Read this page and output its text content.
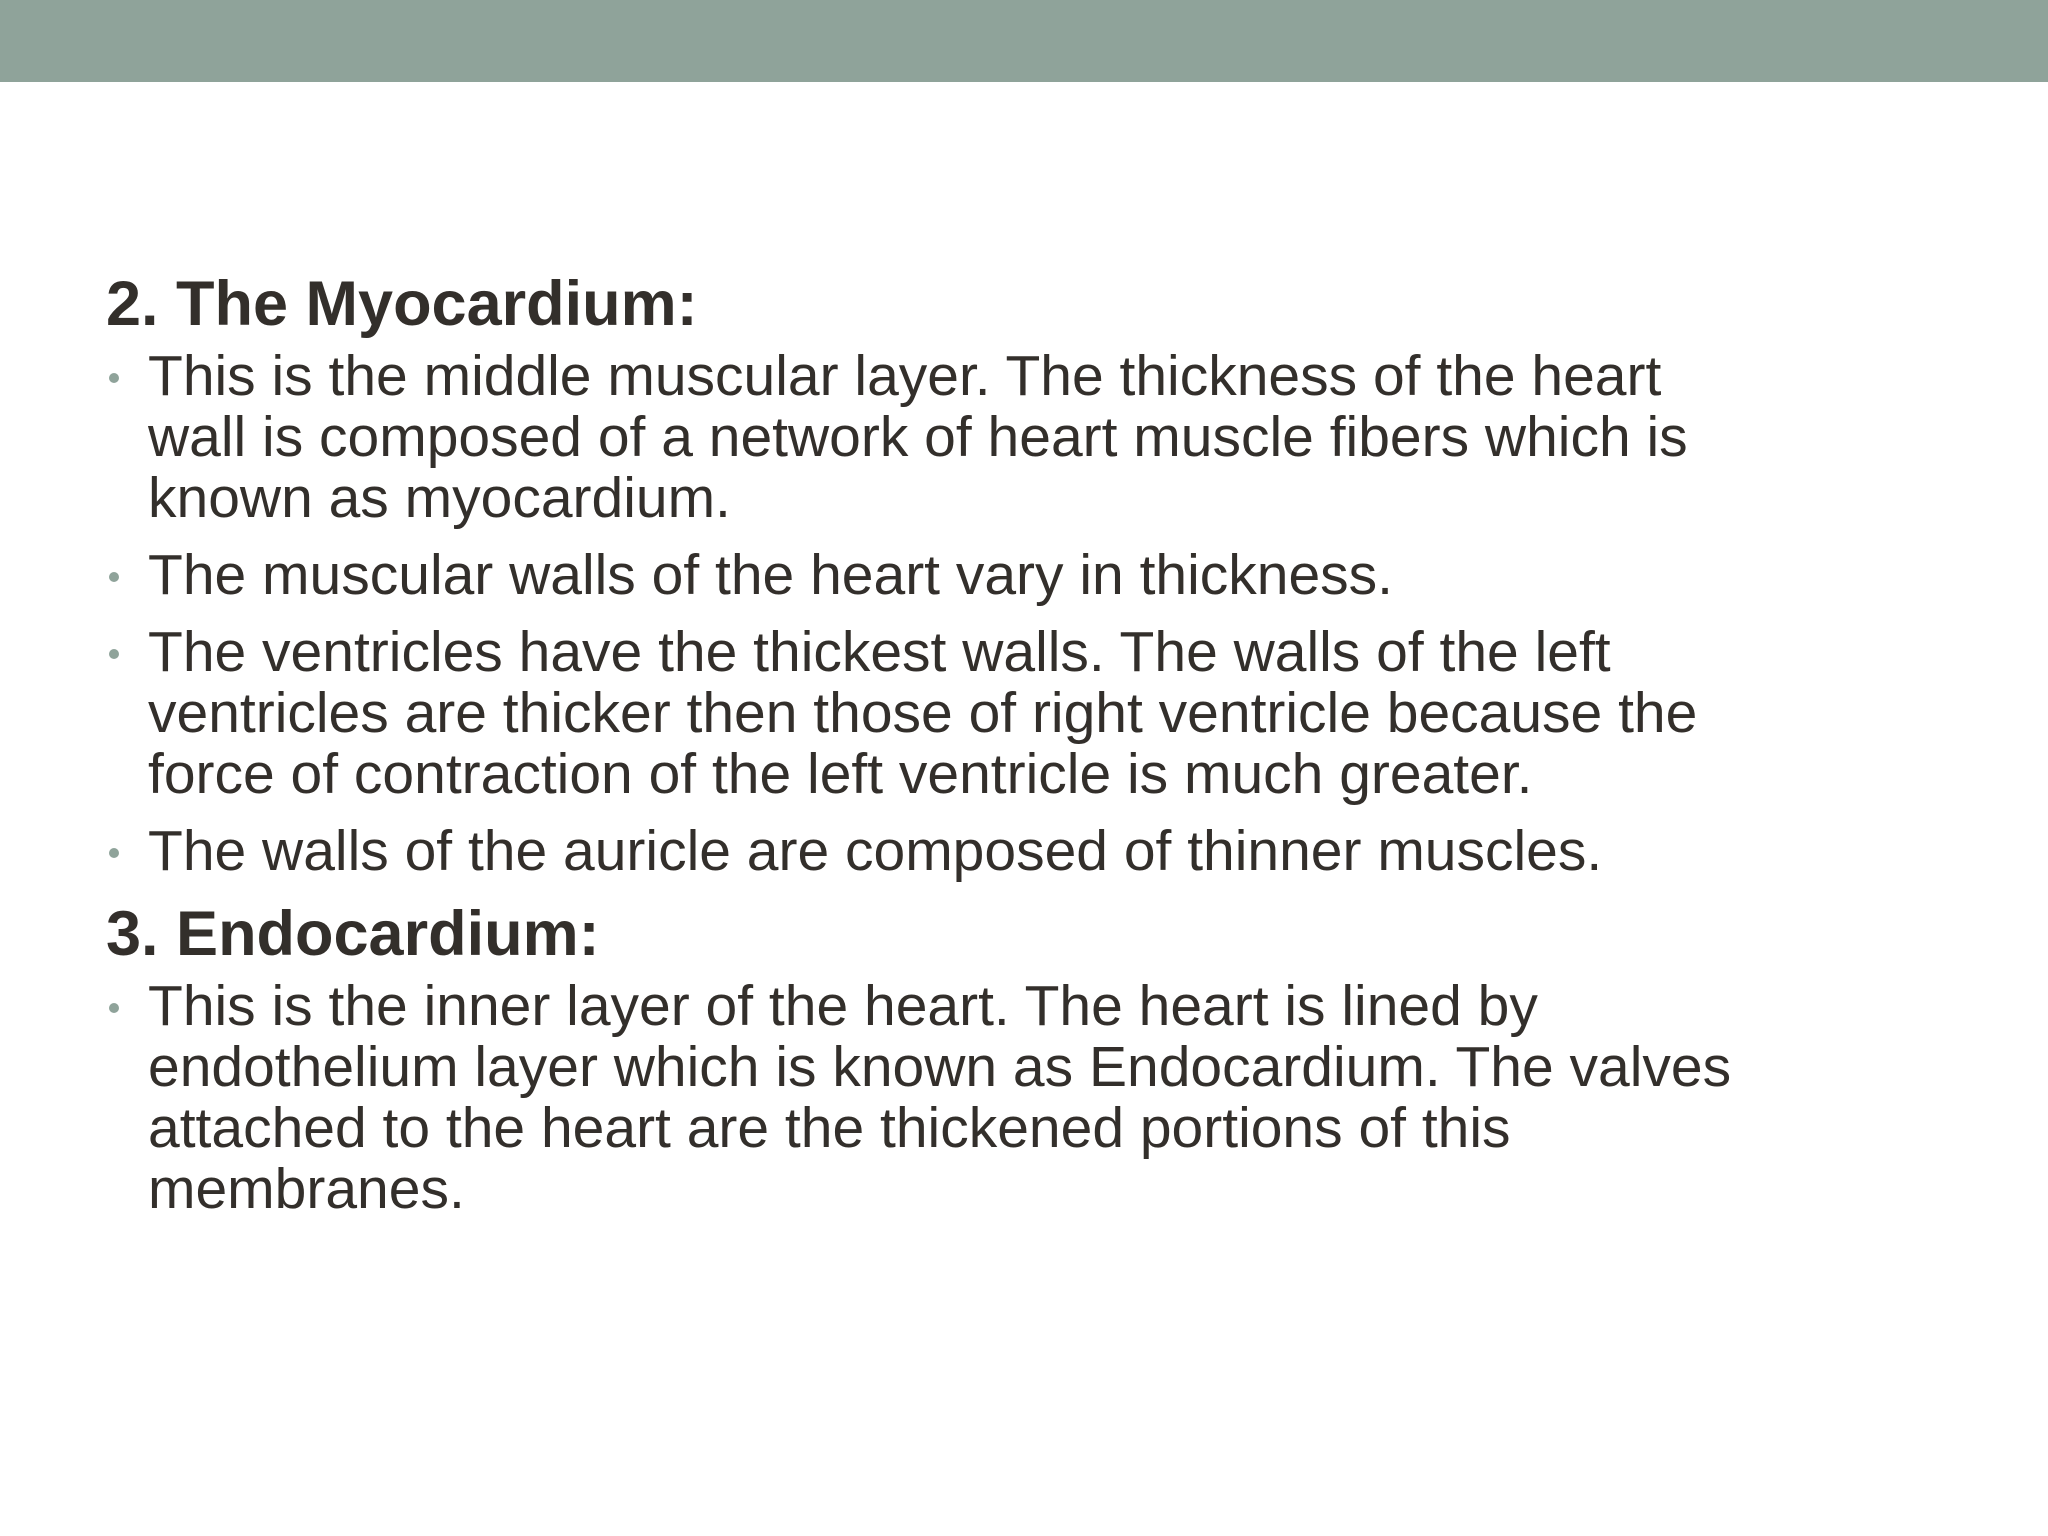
2. The Myocardium:
This is the middle muscular layer. The thickness of the heart
wall is composed of a network of heart muscle fibers which is
known as myocardium.
The muscular walls of the heart vary in thickness.
The ventricles have the thickest walls. The walls of the left
ventricles are thicker then those of right ventricle because the
force of contraction of the left ventricle is much greater.
The walls of the auricle are composed of thinner muscles.
3. Endocardium:
This is the inner layer of the heart. The heart is lined by
endothelium layer which is known as Endocardium. The valves
attached to the heart are the thickened portions of this
membranes.
